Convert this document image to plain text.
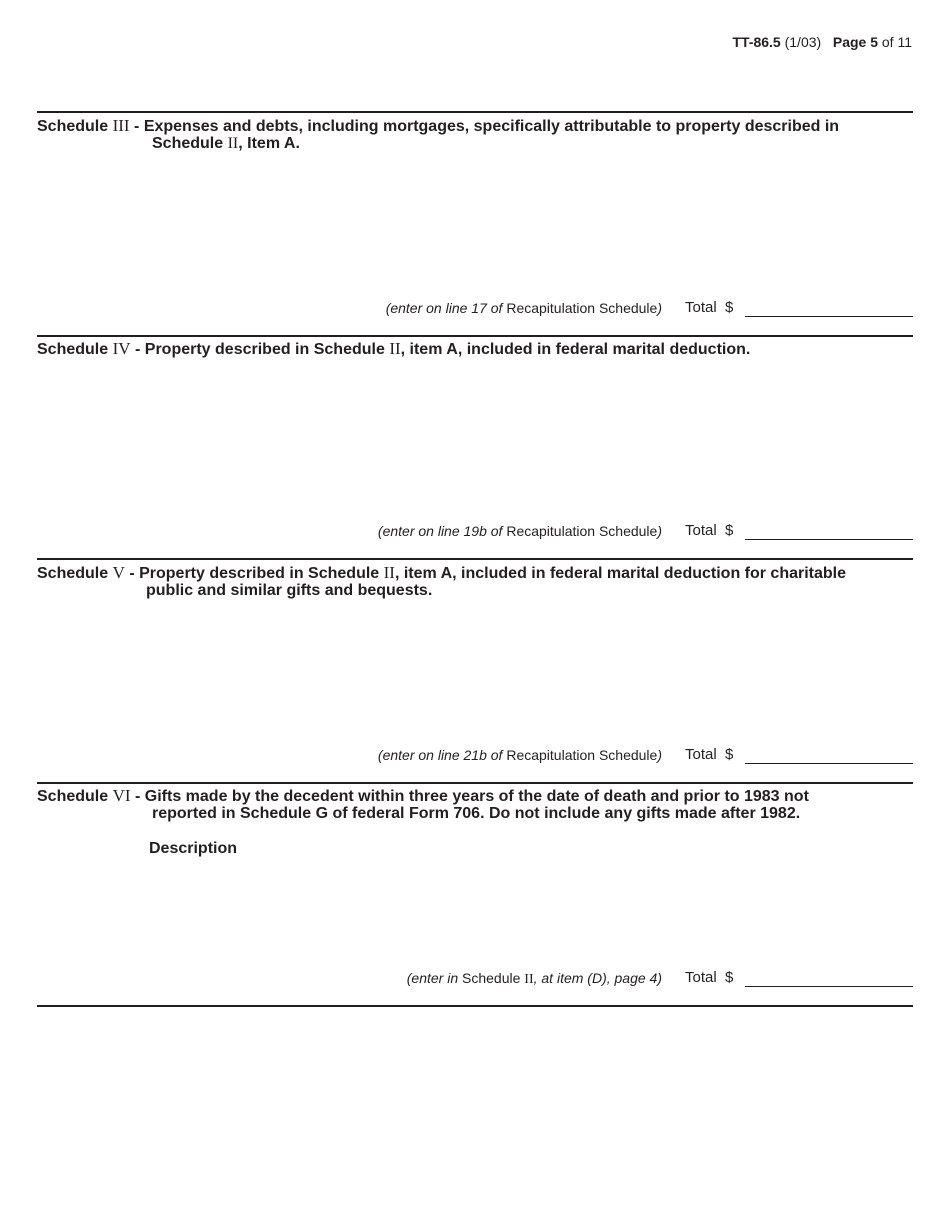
TT-86.5 (1/03) Page 5 of 11
Schedule III - Expenses and debts, including mortgages, specifically attributable to property described in
Schedule II, Item A.
(enter on line 17 of Recapitulation Schedule) Total $
Schedule IV - Property described in Schedule II, item A, included in federal marital deduction.
(enter on line 19b of Recapitulation Schedule) Total $
Schedule V - Property described in Schedule II, item A, included in federal marital deduction for charitable
public and similar gifts and bequests.
(enter on line 21b of Recapitulation Schedule) Total $
Schedule VI - Gifts made by the decedent within three years of the date of death and prior to 1983 not
reported in Schedule G of federal Form 706. Do not include any gifts made after 1982.
Description
(enter in Schedule II, at item (D), page 4) Total $
